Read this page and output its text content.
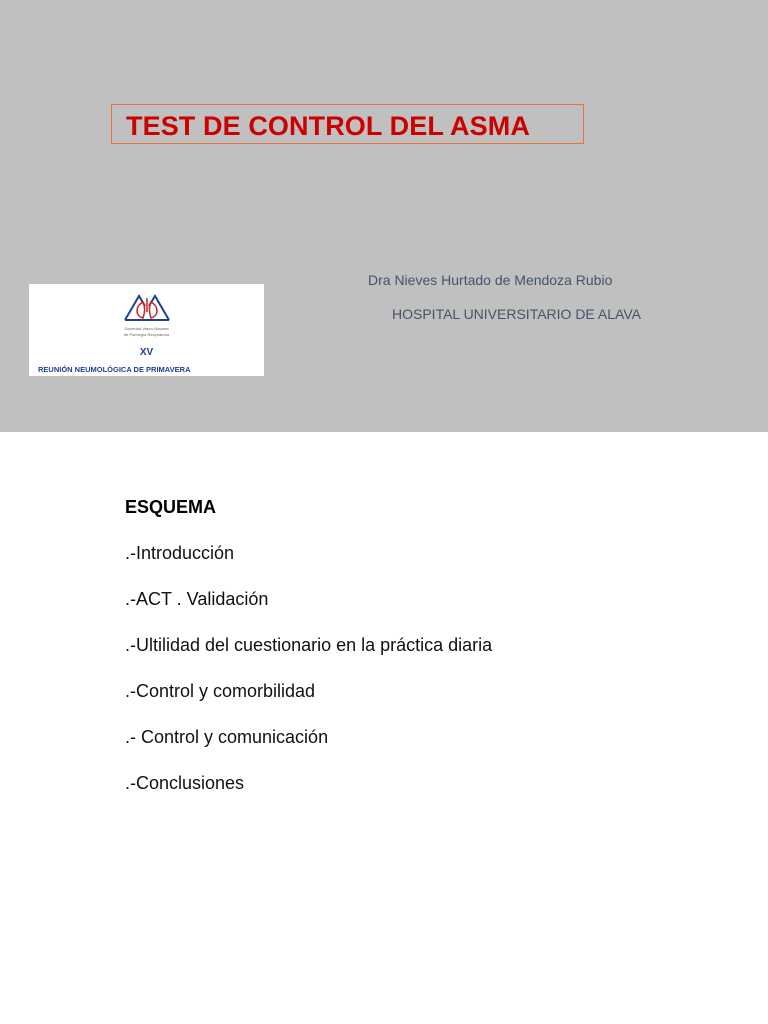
TEST DE CONTROL DEL ASMA
Sociedad Vasco-Navarra
de Patología Respiratoria
XV
REUNIÓN NEUMOLÓGICA DE PRIMAVERA
Dra Nieves Hurtado de Mendoza Rubio
HOSPITAL UNIVERSITARIO DE ALAVA
ESQUEMA
.-Introducción
.-ACT . Validación
.-Ultilidad del cuestionario en la práctica diaria
.-Control y comorbilidad
.- Control y comunicación
.-Conclusiones
